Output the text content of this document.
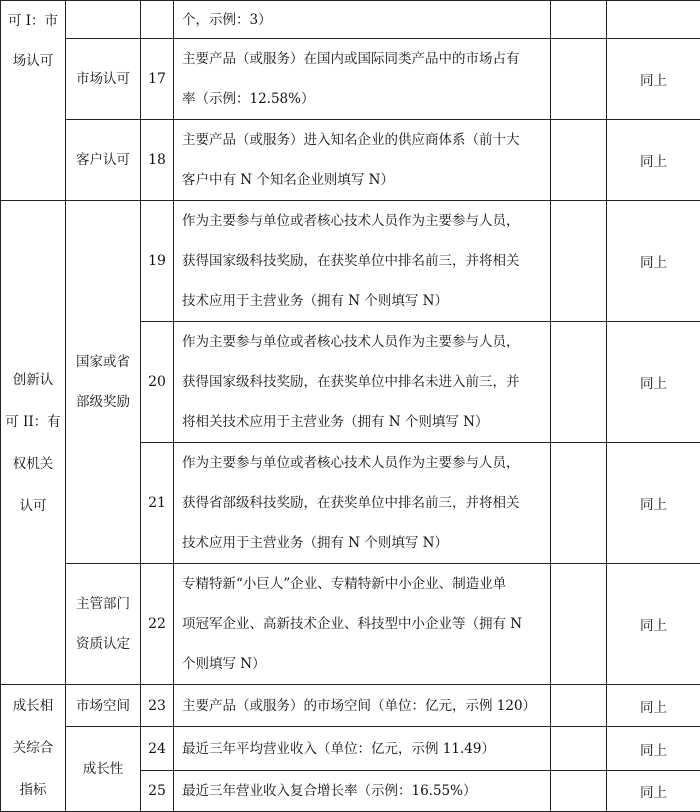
可 I：市
场认可			个，示例：3）		

	市场认可	17	主要产品（或服务）在国内或国际同类产品中的市场占有
率（示例：12.58%）		同上
	客户认可	18	主要产品（或服务）进入知名企业的供应商体系（前十大
客户中有 N 个知名企业则填写 N）		同上

创新认
可 II：有
权机关
认可	国家或省
部级奖励	19	作为主要参与单位或者核心技术人员作为主要参与人员，
获得国家级科技奖励，在获奖单位中排名前三，并将相关
技术应用于主营业务（拥有 N 个则填写 N）		同上
		20	作为主要参与单位或者核心技术人员作为主要参与人员，
获得国家级科技奖励，在获奖单位中排名未进入前三，并
将相关技术应用于主营业务（拥有 N 个则填写 N）		同上
		21	作为主要参与单位或者核心技术人员作为主要参与人员，
获得省部级科技奖励，在获奖单位中排名前三，并将相关
技术应用于主营业务（拥有 N 个则填写 N）		同上

	主管部门
资质认定	22	专精特新“小巨人”企业、专精特新中小企业、制造业单
项冠军企业、高新技术企业、科技型中小企业等（拥有 N
个则填写 N）		同上

成长相
关综合
指标	市场空间	23	主要产品（或服务）的市场空间（单位：亿元，示例 120）		同上
	成长性	24	最近三年平均营业收入（单位：亿元，示例 11.49）		同上
		25	最近三年营业收入复合增长率（示例：16.55%）		同上
